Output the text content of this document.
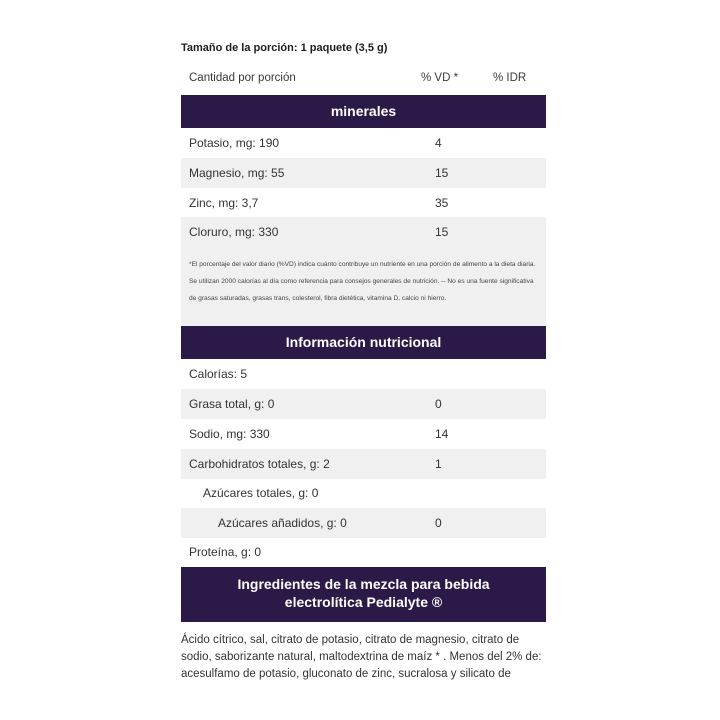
Tamaño de la porción: 1 paquete (3,5 g)
Cantidad por porción	% VD *	% IDR
minerales
Potasio, mg: 190	4
Magnesio, mg: 55	15
Zinc, mg: 3,7	35
Cloruro, mg: 330	15
*El porcentaje del valor diario (%VD) indica cuánto contribuye un nutriente en una porción de alimento a la dieta diaria. Se utilizan 2000 calorías al día como referencia para consejos generales de nutrición. -- No es una fuente significativa de grasas saturadas, grasas trans, colesterol, fibra dietética, vitamina D, calcio ni hierro.
Información nutricional
Calorías: 5
Grasa total, g: 0	0
Sodio, mg: 330	14
Carbohidratos totales, g: 2	1
Azúcares totales, g: 0
Azúcares añadidos, g: 0	0
Proteína, g: 0
Ingredientes de la mezcla para bebida
electrolítica Pedialyte ®
Ácido cítrico, sal, citrato de potasio, citrato de magnesio, citrato de sodio, saborizante natural, maltodextrina de maíz * . Menos del 2% de: acesulfamo de potasio, gluconato de zinc, sucralosa y silicato de
